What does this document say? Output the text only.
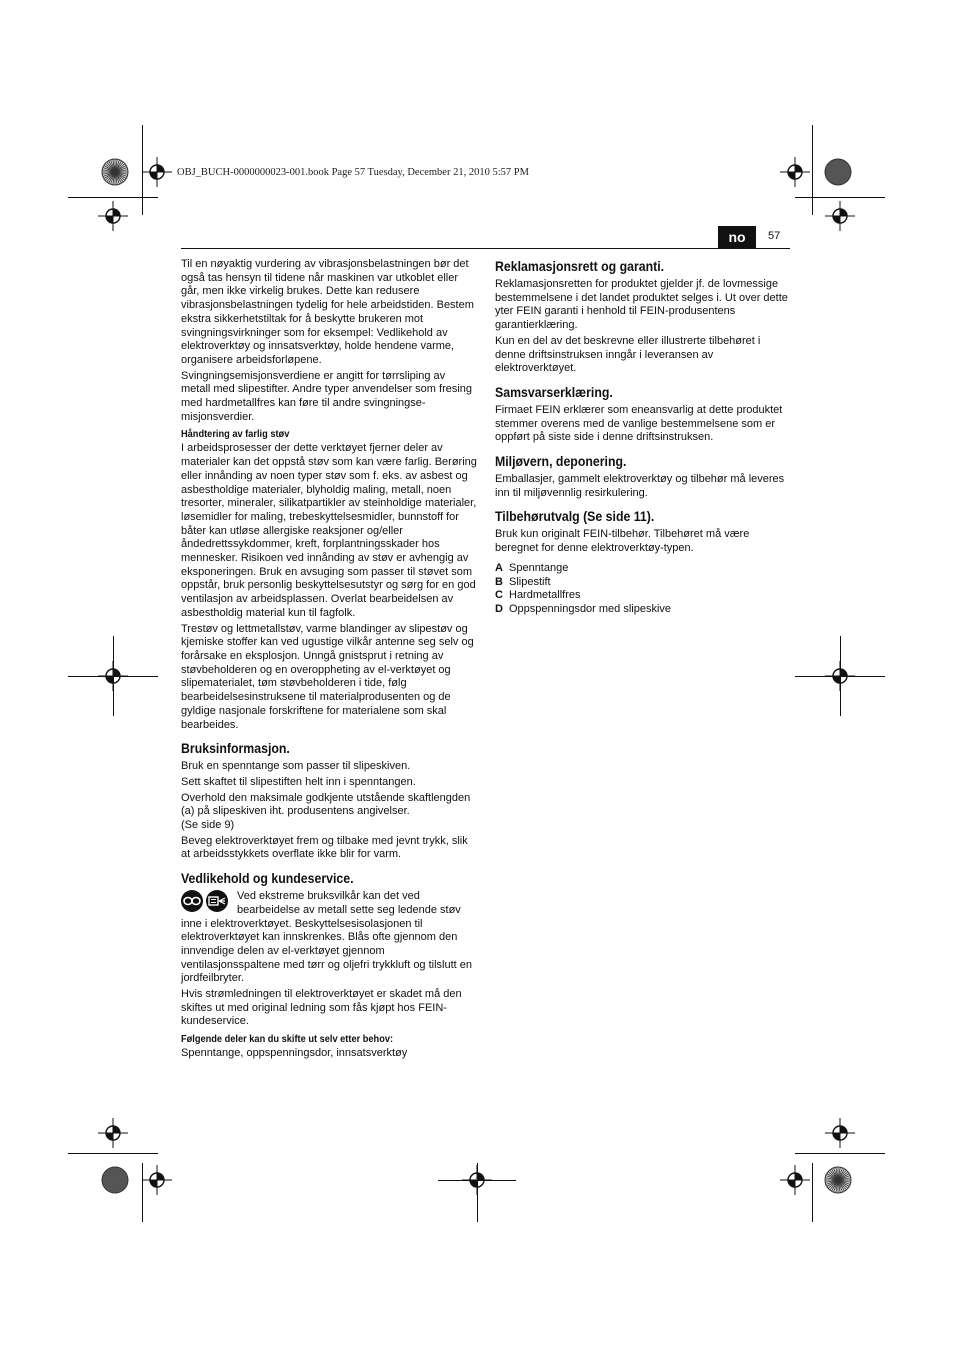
OBJ_BUCH-0000000023-001.book Page 57 Tuesday, December 21, 2010 5:57 PM
no	57

Til en nøyaktig vurdering av vibrasjonsbelastningen bør det også tas hensyn til tidene når maskinen var utkoblet eller går, men ikke virkelig brukes. Dette kan redusere vibrasjonsbelastningen tydelig for hele arbeidstiden. Bestem ekstra sikkerhetstiltak for å beskytte brukeren mot svingningsvirkninger som for eksempel: Vedlikehold av elektroverktøy og innsatsverktøy, holde hendene varme, organisere arbeidsforløpene.

Svingningsemisjonsverdiene er angitt for tørrsliping av metall med slipestifter. Andre typer anvendelser som fresing med hardmetallfres kan føre til andre svingningse-misjonsverdier.

Håndtering av farlig støv

I arbeidsprosesser der dette verktøyet fjerner deler av materialer kan det oppstå støv som kan være farlig. Berøring eller innånding av noen typer støv som f. eks. av asbest og asbestholdige materialer, blyholdig maling, metall, noen tresorter, mineraler, silikatpartikler av steinholdige materialer, løsemidler for maling, trebeskyttelsesmidler, bunnstoff for båter kan utløse allergiske reaksjoner og/eller åndedrettssykdommer, kreft, forplantningsskader hos mennesker. Risikoen ved innånding av støv er avhengig av eksponeringen. Bruk en avsuging som passer til støvet som oppstår, bruk personlig beskyttelsesutstyr og sørg for en god ventilasjon av arbeidsplassen. Overlat bearbeidelsen av asbestholdig material kun til fagfolk.

Trestøv og lettmetallstøv, varme blandinger av slipestøv og kjemiske stoffer kan ved ugustige vilkår antenne seg selv og forårsake en eksplosjon. Unngå gnistsprut i retning av støvbeholderen og en overoppheting av el-verktøyet og slipematerialet, tøm støvbeholderen i tide, følg bearbeidelsesinstruksene til materialprodusenten og de gyldige nasjonale forskriftene for materialene som skal bearbeides.

Bruksinformasjon.

Bruk en spenntange som passer til slipeskiven.

Sett skaftet til slipestiften helt inn i spenntangen.

Overhold den maksimale godkjente utstående skaftlengden (a) på slipeskiven iht. produsentens angivelser.
(Se side 9)

Beveg elektroverktøyet frem og tilbake med jevnt trykk, slik at arbeidsstykkets overflate ikke blir for varm.

Vedlikehold og kundeservice.

Ved ekstreme bruksvilkår kan det ved bearbeidelse av metall sette seg ledende støv inne i elektroverktøyet. Beskyttelsesisolasjonen til elektroverktøyet kan innskrenkes. Blås ofte gjennom den innvendige delen av el-verktøyet gjennom ventilasjonsspaltene med tørr og oljefri trykkluft og tilslutt en jordfeilbryter.

Hvis strømledningen til elektroverktøyet er skadet må den skiftes ut med original ledning som fås kjøpt hos FEIN-kundeservice.

Følgende deler kan du skifte ut selv etter behov:

Spenntange, oppspenningsdor, innsatsverktøy

Reklamasjonsrett og garanti.

Reklamasjonsretten for produktet gjelder jf. de lovmessige bestemmelsene i det landet produktet selges i. Ut over dette yter FEIN garanti i henhold til FEIN-produsentens garantierklæring.

Kun en del av det beskrevne eller illustrerte tilbehøret i denne driftsinstruksen inngår i leveransen av elektroverktøyet.

Samsvarserklæring.

Firmaet FEIN erklærer som eneansvarlig at dette produktet stemmer overens med de vanlige bestemmelsene som er oppført på siste side i denne driftsinstruksen.

Miljøvern, deponering.

Emballasjer, gammelt elektroverktøy og tilbehør må leveres inn til miljøvennlig resirkulering.

Tilbehørutvalg (Se side 11).

Bruk kun originalt FEIN-tilbehør. Tilbehøret må være beregnet for denne elektroverktøy-typen.

A Spenntange
B Slipestift
C Hardmetallfres
D Oppspenningsdor med slipeskive
